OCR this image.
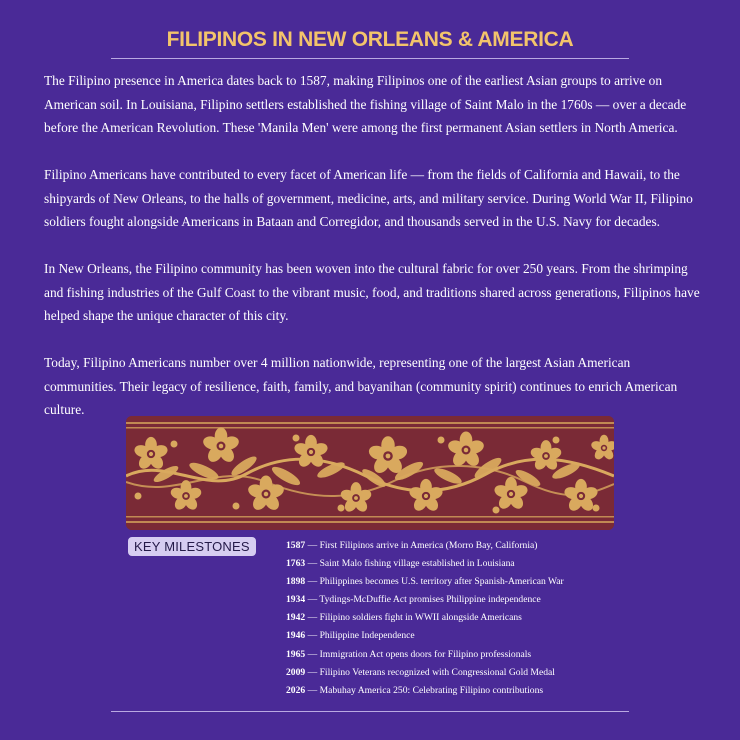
FILIPINOS IN NEW ORLEANS & AMERICA

The Filipino presence in America dates back to 1587, making Filipinos one of the earliest Asian groups to arrive on American soil. In Louisiana, Filipino settlers established the fishing village of Saint Malo in the 1760s — over a decade before the American Revolution. These 'Manila Men' were among the first permanent Asian settlers in North America.

Filipino Americans have contributed to every facet of American life — from the fields of California and Hawaii, to the shipyards of New Orleans, to the halls of government, medicine, arts, and military service. During World War II, Filipino soldiers fought alongside Americans in Bataan and Corregidor, and thousands served in the U.S. Navy for decades.

In New Orleans, the Filipino community has been woven into the cultural fabric for over 250 years. From the shrimping and fishing industries of the Gulf Coast to the vibrant music, food, and traditions shared across generations, Filipinos have helped shape the unique character of this city.

Today, Filipino Americans number over 4 million nationwide, representing one of the largest Asian American communities. Their legacy of resilience, faith, family, and bayanihan (community spirit) continues to enrich American culture.

KEY MILESTONES	1587 — First Filipinos arrive in America (Morro Bay, California)
1763 — Saint Malo fishing village established in Louisiana
1898 — Philippines becomes U.S. territory after Spanish-American War
1934 — Tydings-McDuffie Act promises Philippine independence
1942 — Filipino soldiers fight in WWII alongside Americans
1946 — Philippine Independence
1965 — Immigration Act opens doors for Filipino professionals
2009 — Filipino Veterans recognized with Congressional Gold Medal
2026 — Mabuhay America 250: Celebrating Filipino contributions
